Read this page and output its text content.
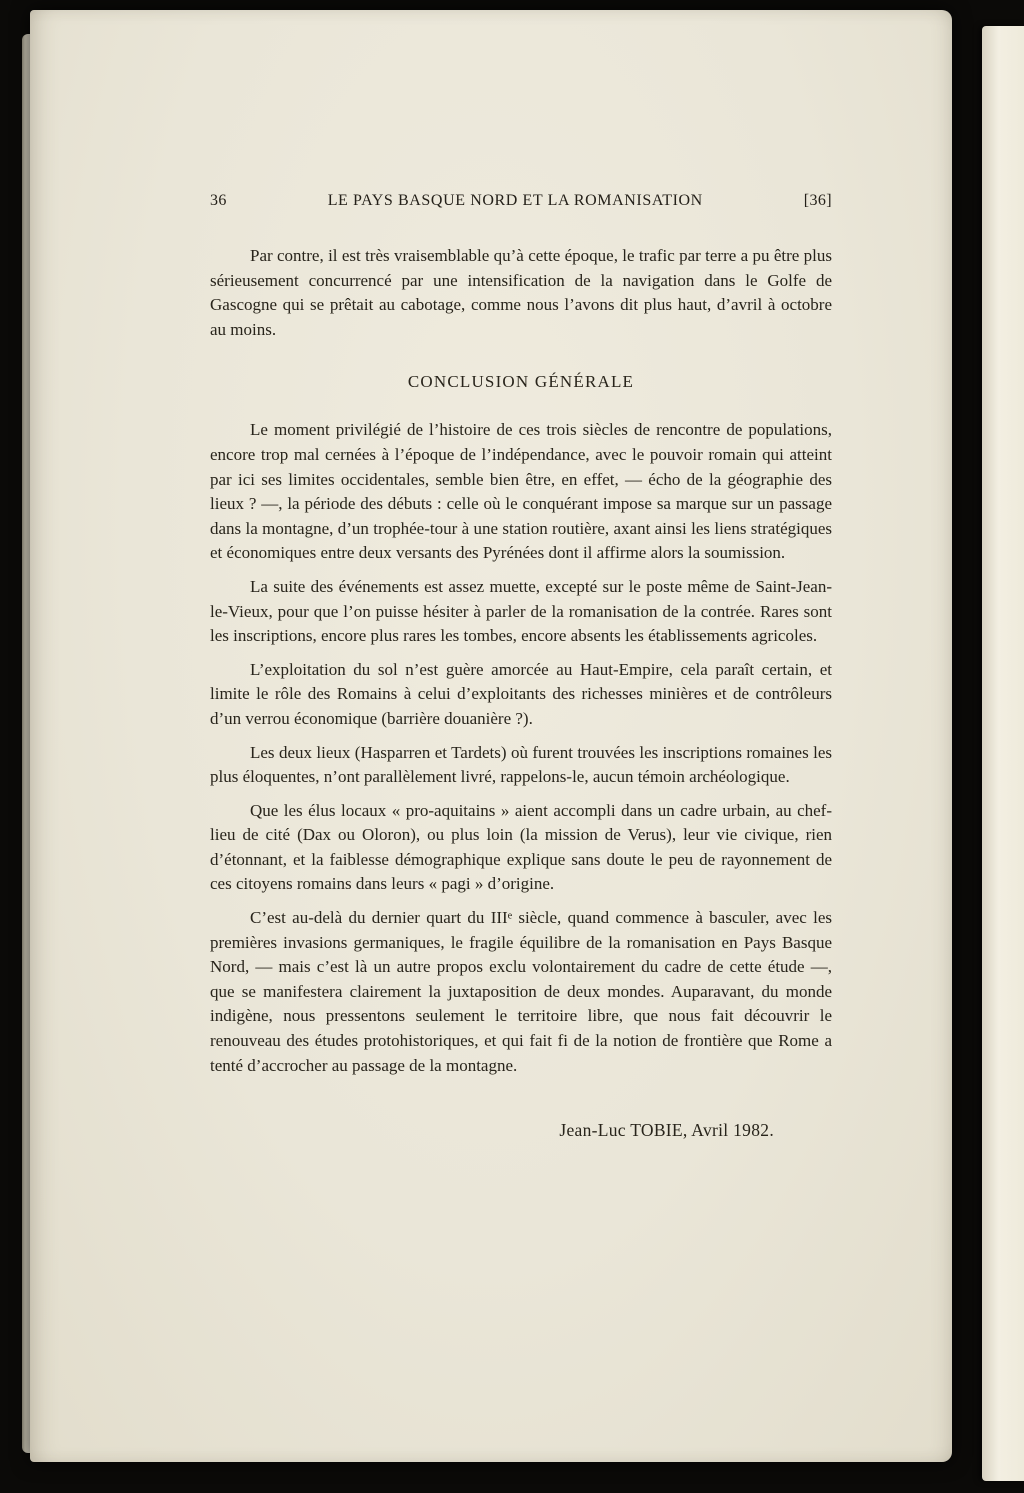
36	LE PAYS BASQUE NORD ET LA ROMANISATION	[36]

Par contre, il est très vraisemblable qu’à cette époque, le trafic par terre a pu être plus sérieusement concurrencé par une intensification de la navigation dans le Golfe de Gascogne qui se prêtait au cabotage, comme nous l’avons dit plus haut, d’avril à octobre au moins.

CONCLUSION GÉNÉRALE

Le moment privilégié de l’histoire de ces trois siècles de rencontre de populations, encore trop mal cernées à l’époque de l’indépendance, avec le pouvoir romain qui atteint par ici ses limites occidentales, semble bien être, en effet, — écho de la géographie des lieux ? —, la période des débuts : celle où le conquérant impose sa marque sur un passage dans la montagne, d’un trophée-tour à une station routière, axant ainsi les liens stratégiques et économiques entre deux versants des Pyrénées dont il affirme alors la soumission.

La suite des événements est assez muette, excepté sur le poste même de Saint-Jean-le-Vieux, pour que l’on puisse hésiter à parler de la romanisation de la contrée. Rares sont les inscriptions, encore plus rares les tombes, encore absents les établissements agricoles.

L’exploitation du sol n’est guère amorcée au Haut-Empire, cela paraît certain, et limite le rôle des Romains à celui d’exploitants des richesses minières et de contrôleurs d’un verrou économique (barrière douanière ?).

Les deux lieux (Hasparren et Tardets) où furent trouvées les inscriptions romaines les plus éloquentes, n’ont parallèlement livré, rappelons-le, aucun témoin archéologique.

Que les élus locaux « pro-aquitains » aient accompli dans un cadre urbain, au chef-lieu de cité (Dax ou Oloron), ou plus loin (la mission de Verus), leur vie civique, rien d’étonnant, et la faiblesse démographique explique sans doute le peu de rayonnement de ces citoyens romains dans leurs « pagi » d’origine.

C’est au-delà du dernier quart du IIIᵉ siècle, quand commence à basculer, avec les premières invasions germaniques, le fragile équilibre de la romanisation en Pays Basque Nord, — mais c’est là un autre propos exclu volontairement du cadre de cette étude —, que se manifestera clairement la juxtaposition de deux mondes. Auparavant, du monde indigène, nous pressentons seulement le territoire libre, que nous fait découvrir le renouveau des études protohistoriques, et qui fait fi de la notion de frontière que Rome a tenté d’accrocher au passage de la montagne.

Jean-Luc TOBIE, Avril 1982.
